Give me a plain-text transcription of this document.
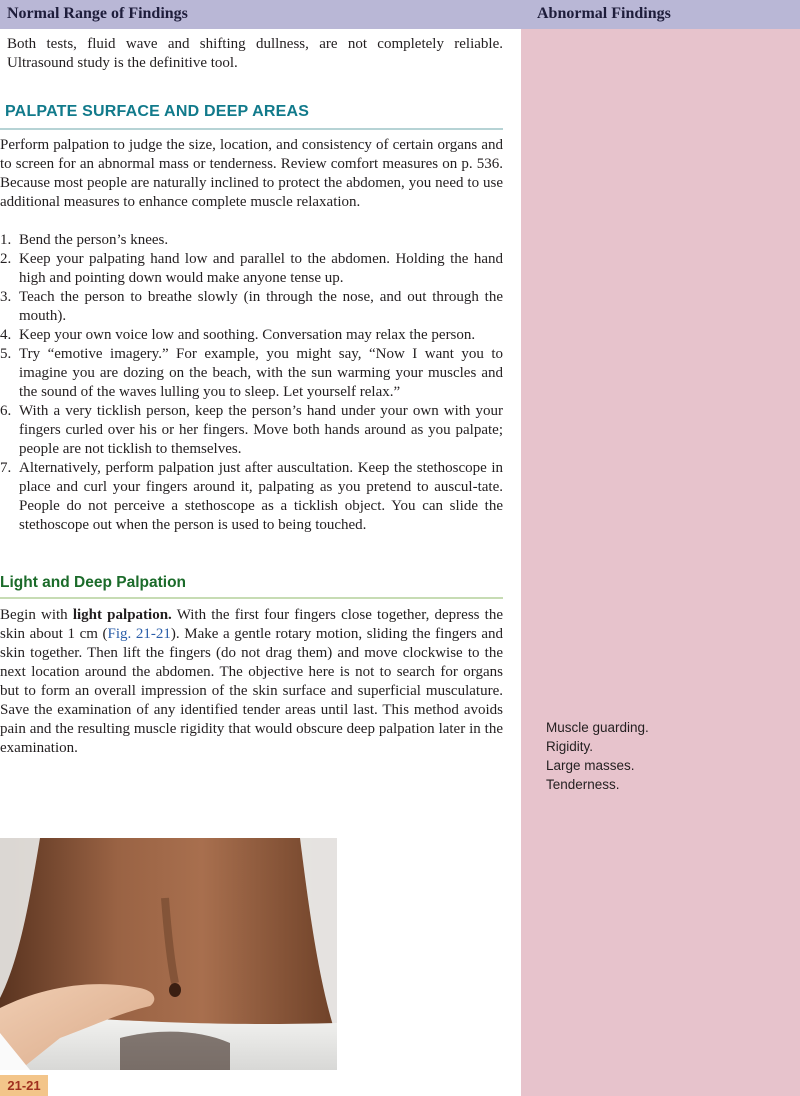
Normal Range of Findings	Abnormal Findings

Both tests, fluid wave and shifting dullness, are not completely reliable. Ultrasound study is the definitive tool.

PALPATE SURFACE AND DEEP AREAS

Perform palpation to judge the size, location, and consistency of certain organs and to screen for an abnormal mass or tenderness. Review comfort measures on p. 536. Because most people are naturally inclined to protect the abdomen, you need to use additional measures to enhance complete muscle relaxation.

1. Bend the person’s knees.
2. Keep your palpating hand low and parallel to the abdomen. Holding the hand high and pointing down would make anyone tense up.
3. Teach the person to breathe slowly (in through the nose, and out through the mouth).
4. Keep your own voice low and soothing. Conversation may relax the person.
5. Try “emotive imagery.” For example, you might say, “Now I want you to imagine you are dozing on the beach, with the sun warming your muscles and the sound of the waves lulling you to sleep. Let yourself relax.”
6. With a very ticklish person, keep the person’s hand under your own with your fingers curled over his or her fingers. Move both hands around as you palpate; people are not ticklish to themselves.
7. Alternatively, perform palpation just after auscultation. Keep the stethoscope in place and curl your fingers around it, palpating as you pretend to auscul-tate. People do not perceive a stethoscope as a ticklish object. You can slide the stethoscope out when the person is used to being touched.
Light and Deep Palpation

Begin with light palpation. With the first four fingers close together, depress the skin about 1 cm (Fig. 21-21). Make a gentle rotary motion, sliding the fingers and skin together. Then lift the fingers (do not drag them) and move clockwise to the next location around the abdomen. The objective here is not to search for organs but to form an overall impression of the skin surface and superficial musculature. Save the examination of any identified tender areas until last. This method avoids pain and the resulting muscle rigidity that would obscure deep palpation later in the examination.

Muscle guarding.
Rigidity.
Large masses.
Tenderness.
21-21
